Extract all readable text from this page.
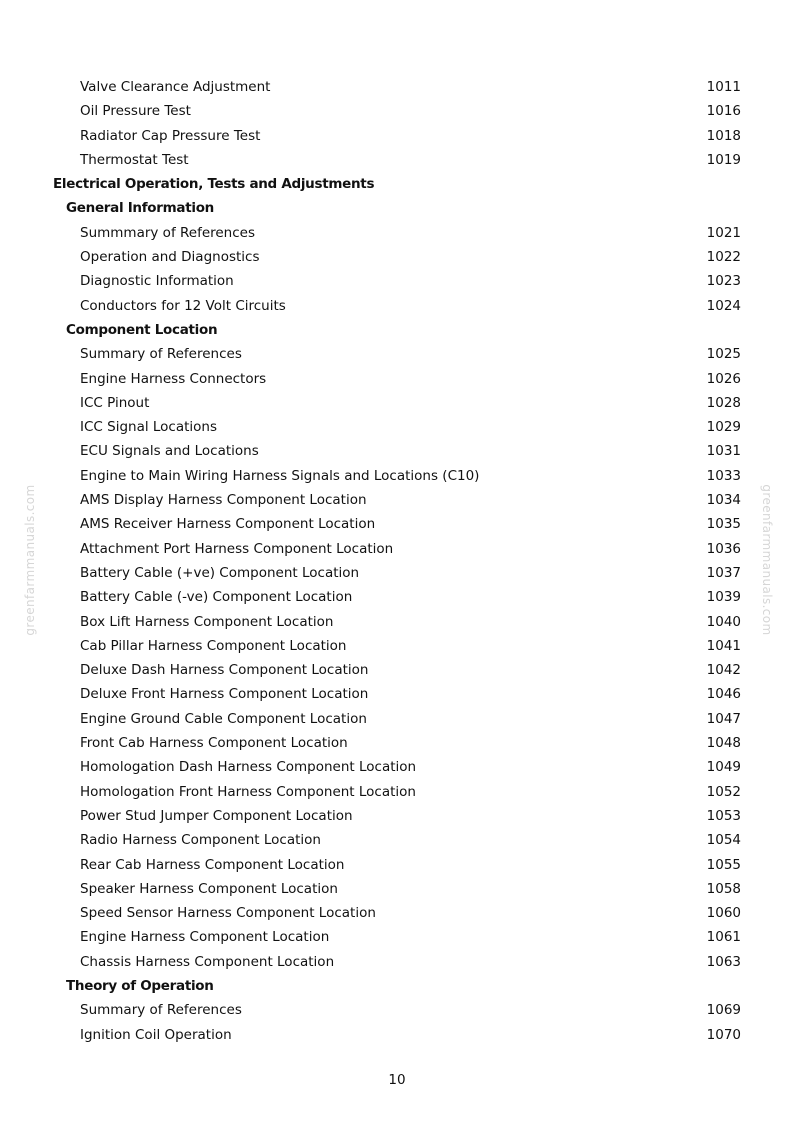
greenfarmmanuals.com	greenfarmmanuals.com
Valve Clearance Adjustment	1011
Oil Pressure Test	1016
Radiator Cap Pressure Test	1018
Thermostat Test	1019
Electrical Operation, Tests and Adjustments
General Information
Summmary of References	1021
Operation and Diagnostics	1022
Diagnostic Information	1023
Conductors for 12 Volt Circuits	1024
Component Location
Summary of References	1025
Engine Harness Connectors	1026
ICC Pinout	1028
ICC Signal Locations	1029
ECU Signals and Locations	1031
Engine to Main Wiring Harness Signals and Locations (C10)	1033
AMS Display Harness Component Location	1034
AMS Receiver Harness Component Location	1035
Attachment Port Harness Component Location	1036
Battery Cable (+ve) Component Location	1037
Battery Cable (-ve) Component Location	1039
Box Lift Harness Component Location	1040
Cab Pillar Harness Component Location	1041
Deluxe Dash Harness Component Location	1042
Deluxe Front Harness Component Location	1046
Engine Ground Cable Component Location	1047
Front Cab Harness Component Location	1048
Homologation Dash Harness Component Location	1049
Homologation Front Harness Component Location	1052
Power Stud Jumper Component Location	1053
Radio Harness Component Location	1054
Rear Cab Harness Component Location	1055
Speaker Harness Component Location	1058
Speed Sensor Harness Component Location	1060
Engine Harness Component Location	1061
Chassis Harness Component Location	1063
Theory of Operation
Summary of References	1069
Ignition Coil Operation	1070
10
